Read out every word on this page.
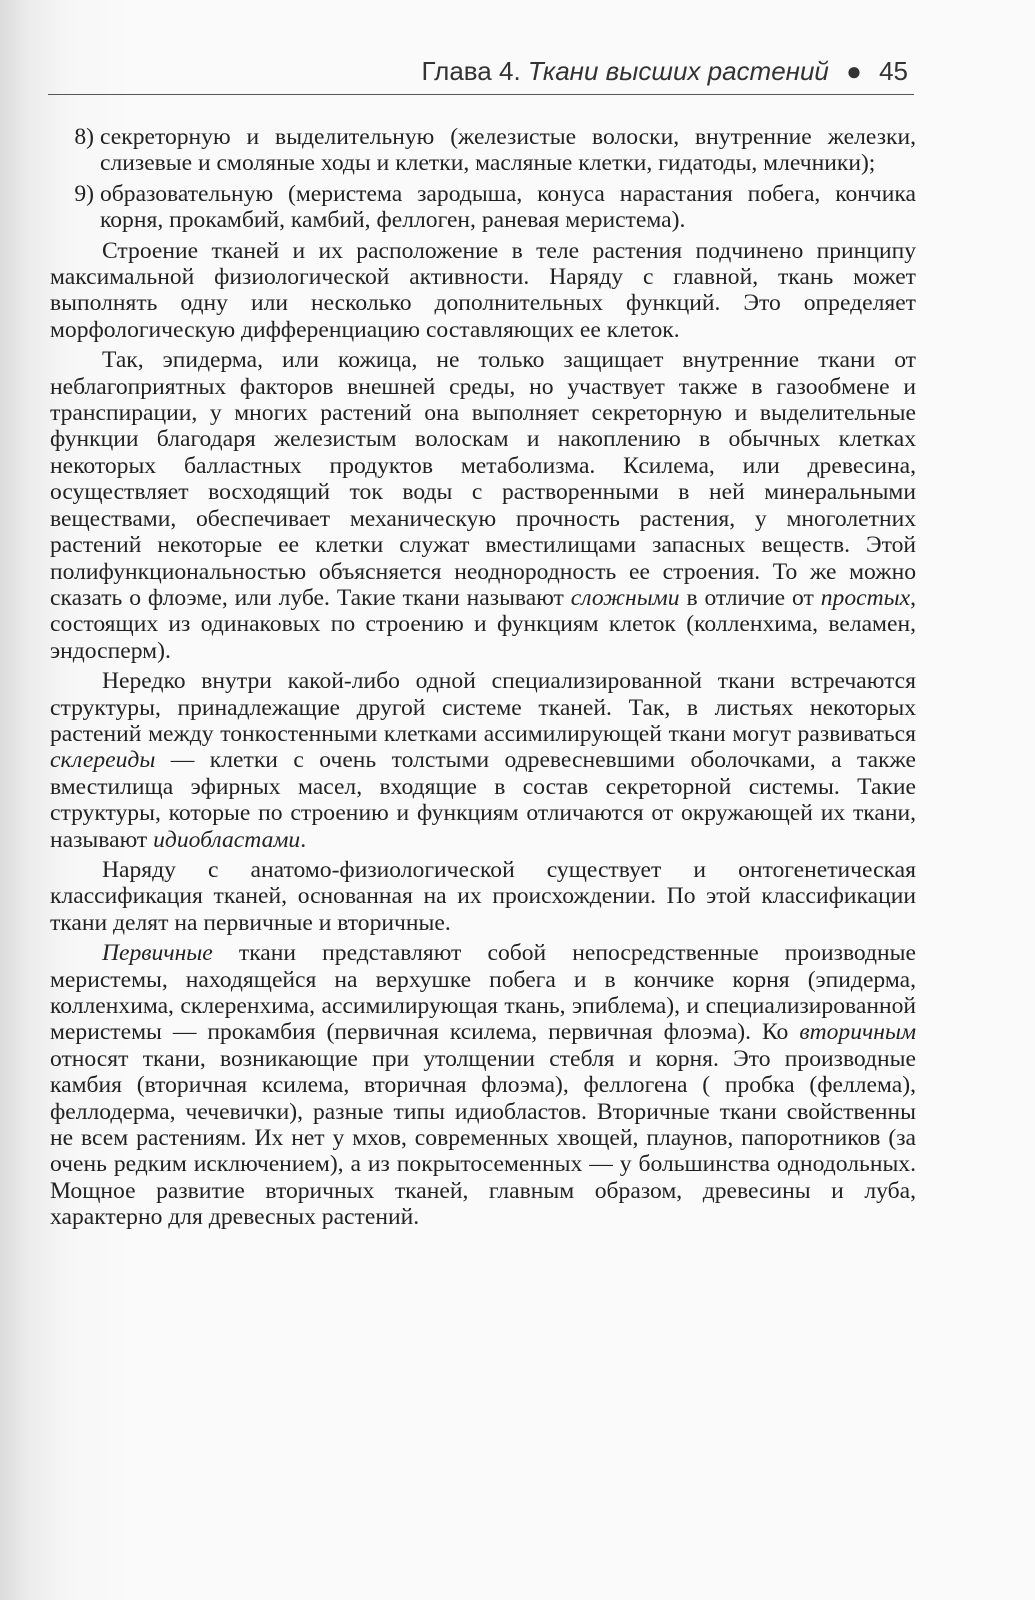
Глава 4. Ткани высших растений ● 45
8) секреторную и выделительную (железистые волоски, внутренние железки, слизевые и смоляные ходы и клетки, масляные клетки, гидатоды, млечники);
9) образовательную (меристема зародыша, конуса нарастания побега, кончика корня, прокамбий, камбий, феллоген, раневая меристема).

Строение тканей и их расположение в теле растения подчинено принципу максимальной физиологической активности. Наряду с главной, ткань может выполнять одну или несколько дополнительных функций. Это определяет морфологическую дифференциацию составляющих ее клеток.

Так, эпидерма, или кожица, не только защищает внутренние ткани от неблагоприятных факторов внешней среды, но участвует также в газообмене и транспирации, у многих растений она выполняет секреторную и выделительные функции благодаря железистым волоскам и накоплению в обычных клетках некоторых балластных продуктов метаболизма. Ксилема, или древесина, осуществляет восходящий ток воды с растворенными в ней минеральными веществами, обеспечивает механическую прочность растения, у многолетних растений некоторые ее клетки служат вместилищами запасных веществ. Этой полифункциональностью объясняется неоднородность ее строения. То же можно сказать о флоэме, или лубе. Такие ткани называют сложными в отличие от простых, состоящих из одинаковых по строению и функциям клеток (колленхима, веламен, эндосперм).

Нередко внутри какой-либо одной специализированной ткани встречаются структуры, принадлежащие другой системе тканей. Так, в листьях некоторых растений между тонкостенными клетками ассимилирующей ткани могут развиваться склереиды — клетки с очень толстыми одревесневшими оболочками, а также вместилища эфирных масел, входящие в состав секреторной системы. Такие структуры, которые по строению и функциям отличаются от окружающей их ткани, называют идиобластами.

Наряду с анатомо-физиологической существует и онтогенетическая классификация тканей, основанная на их происхождении. По этой классификации ткани делят на первичные и вторичные.

Первичные ткани представляют собой непосредственные производные меристемы, находящейся на верхушке побега и в кончике корня (эпидерма, колленхима, склеренхима, ассимилирующая ткань, эпиблема), и специализированной меристемы — прокамбия (первичная ксилема, первичная флоэма). Ко вторичным относят ткани, возникающие при утолщении стебля и корня. Это производные камбия (вторичная ксилема, вторичная флоэма), феллогена ( пробка (феллема), феллодерма, чечевички), разные типы идиобластов. Вторичные ткани свойственны не всем растениям. Их нет у мхов, современных хвощей, плаунов, папоротников (за очень редким исключением), а из покрытосеменных — у большинства однодольных. Мощное развитие вторичных тканей, главным образом, древесины и луба, характерно для древесных растений.
